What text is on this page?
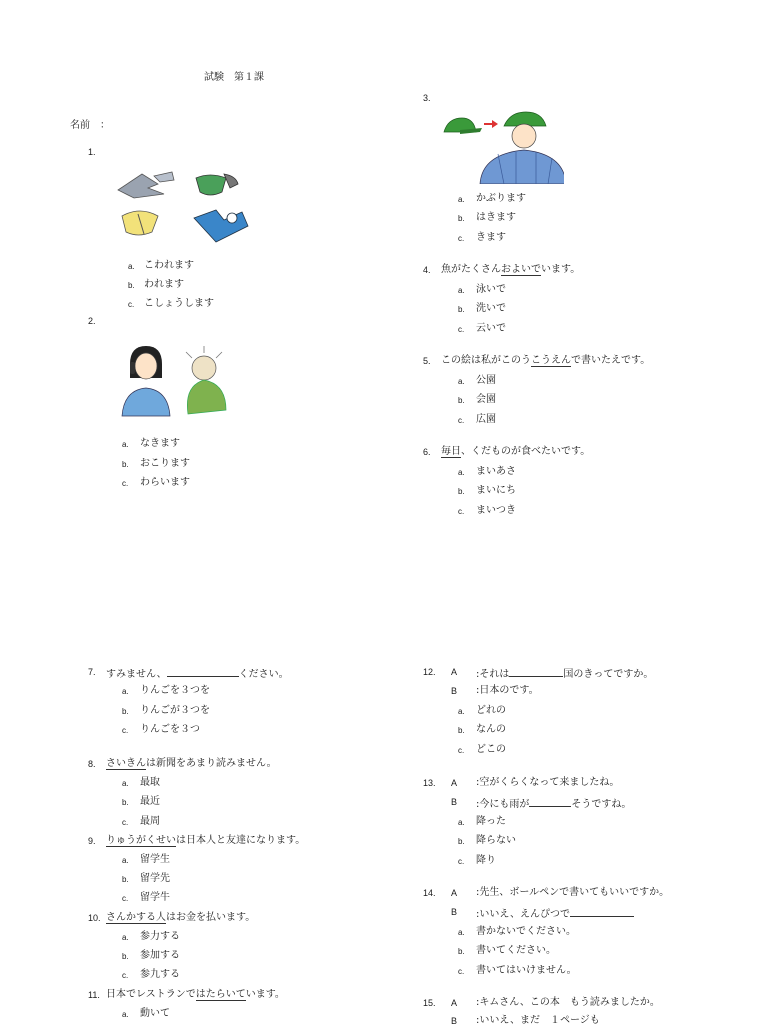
試験　第１課
名前　：
1.
a. こわれます
b. われます
c. こしょうします
2.
a. なきます
b. おこります
c. わらいます
3.
a. かぶります
b. はきます
c. きます
4. 魚がたくさんおよいでいます。
a. 泳いで
b. 洗いで
c. 云いで
5. この絵は私がこのうこうえんで書いたえです。
a. 公園
b. 会園
c. 広園
6. 毎日、くだものが食べたいです。
a. まいあさ
b. まいにち
c. まいつき
7. すみません、	ください。
a. りんごを３つを
b. りんごが３つを
c. りんごを３つ
8. さいきんは新聞をあまり読みません。
a. 最取
b. 最近
c. 最周
9. りゅうがくせいは日本人と友達になります。
a. 留学生
b. 留学先
c. 留学牛
10. さんかする人はお金を払います。
a. 参力する
b. 参加する
c. 参九する
11. 日本でレストランではたらいています。
a. 動いて
12. A :それは	国のきってですか。
B :日本のです。
a. どれの
b. なんの
c. どこの
13. A :空がくらくなって来ましたね。
B :今にも雨が	そうですね。
a. 降った
b. 降らない
c. 降り
14. A :先生、ボールペンで書いてもいいですか。
B :いいえ、えんぴつで
a. 書かないでください。
b. 書いてください。
c. 書いてはいけません。
15. A :キムさん、この本　もう読みましたか。
B :いいえ、まだ　１ページも
